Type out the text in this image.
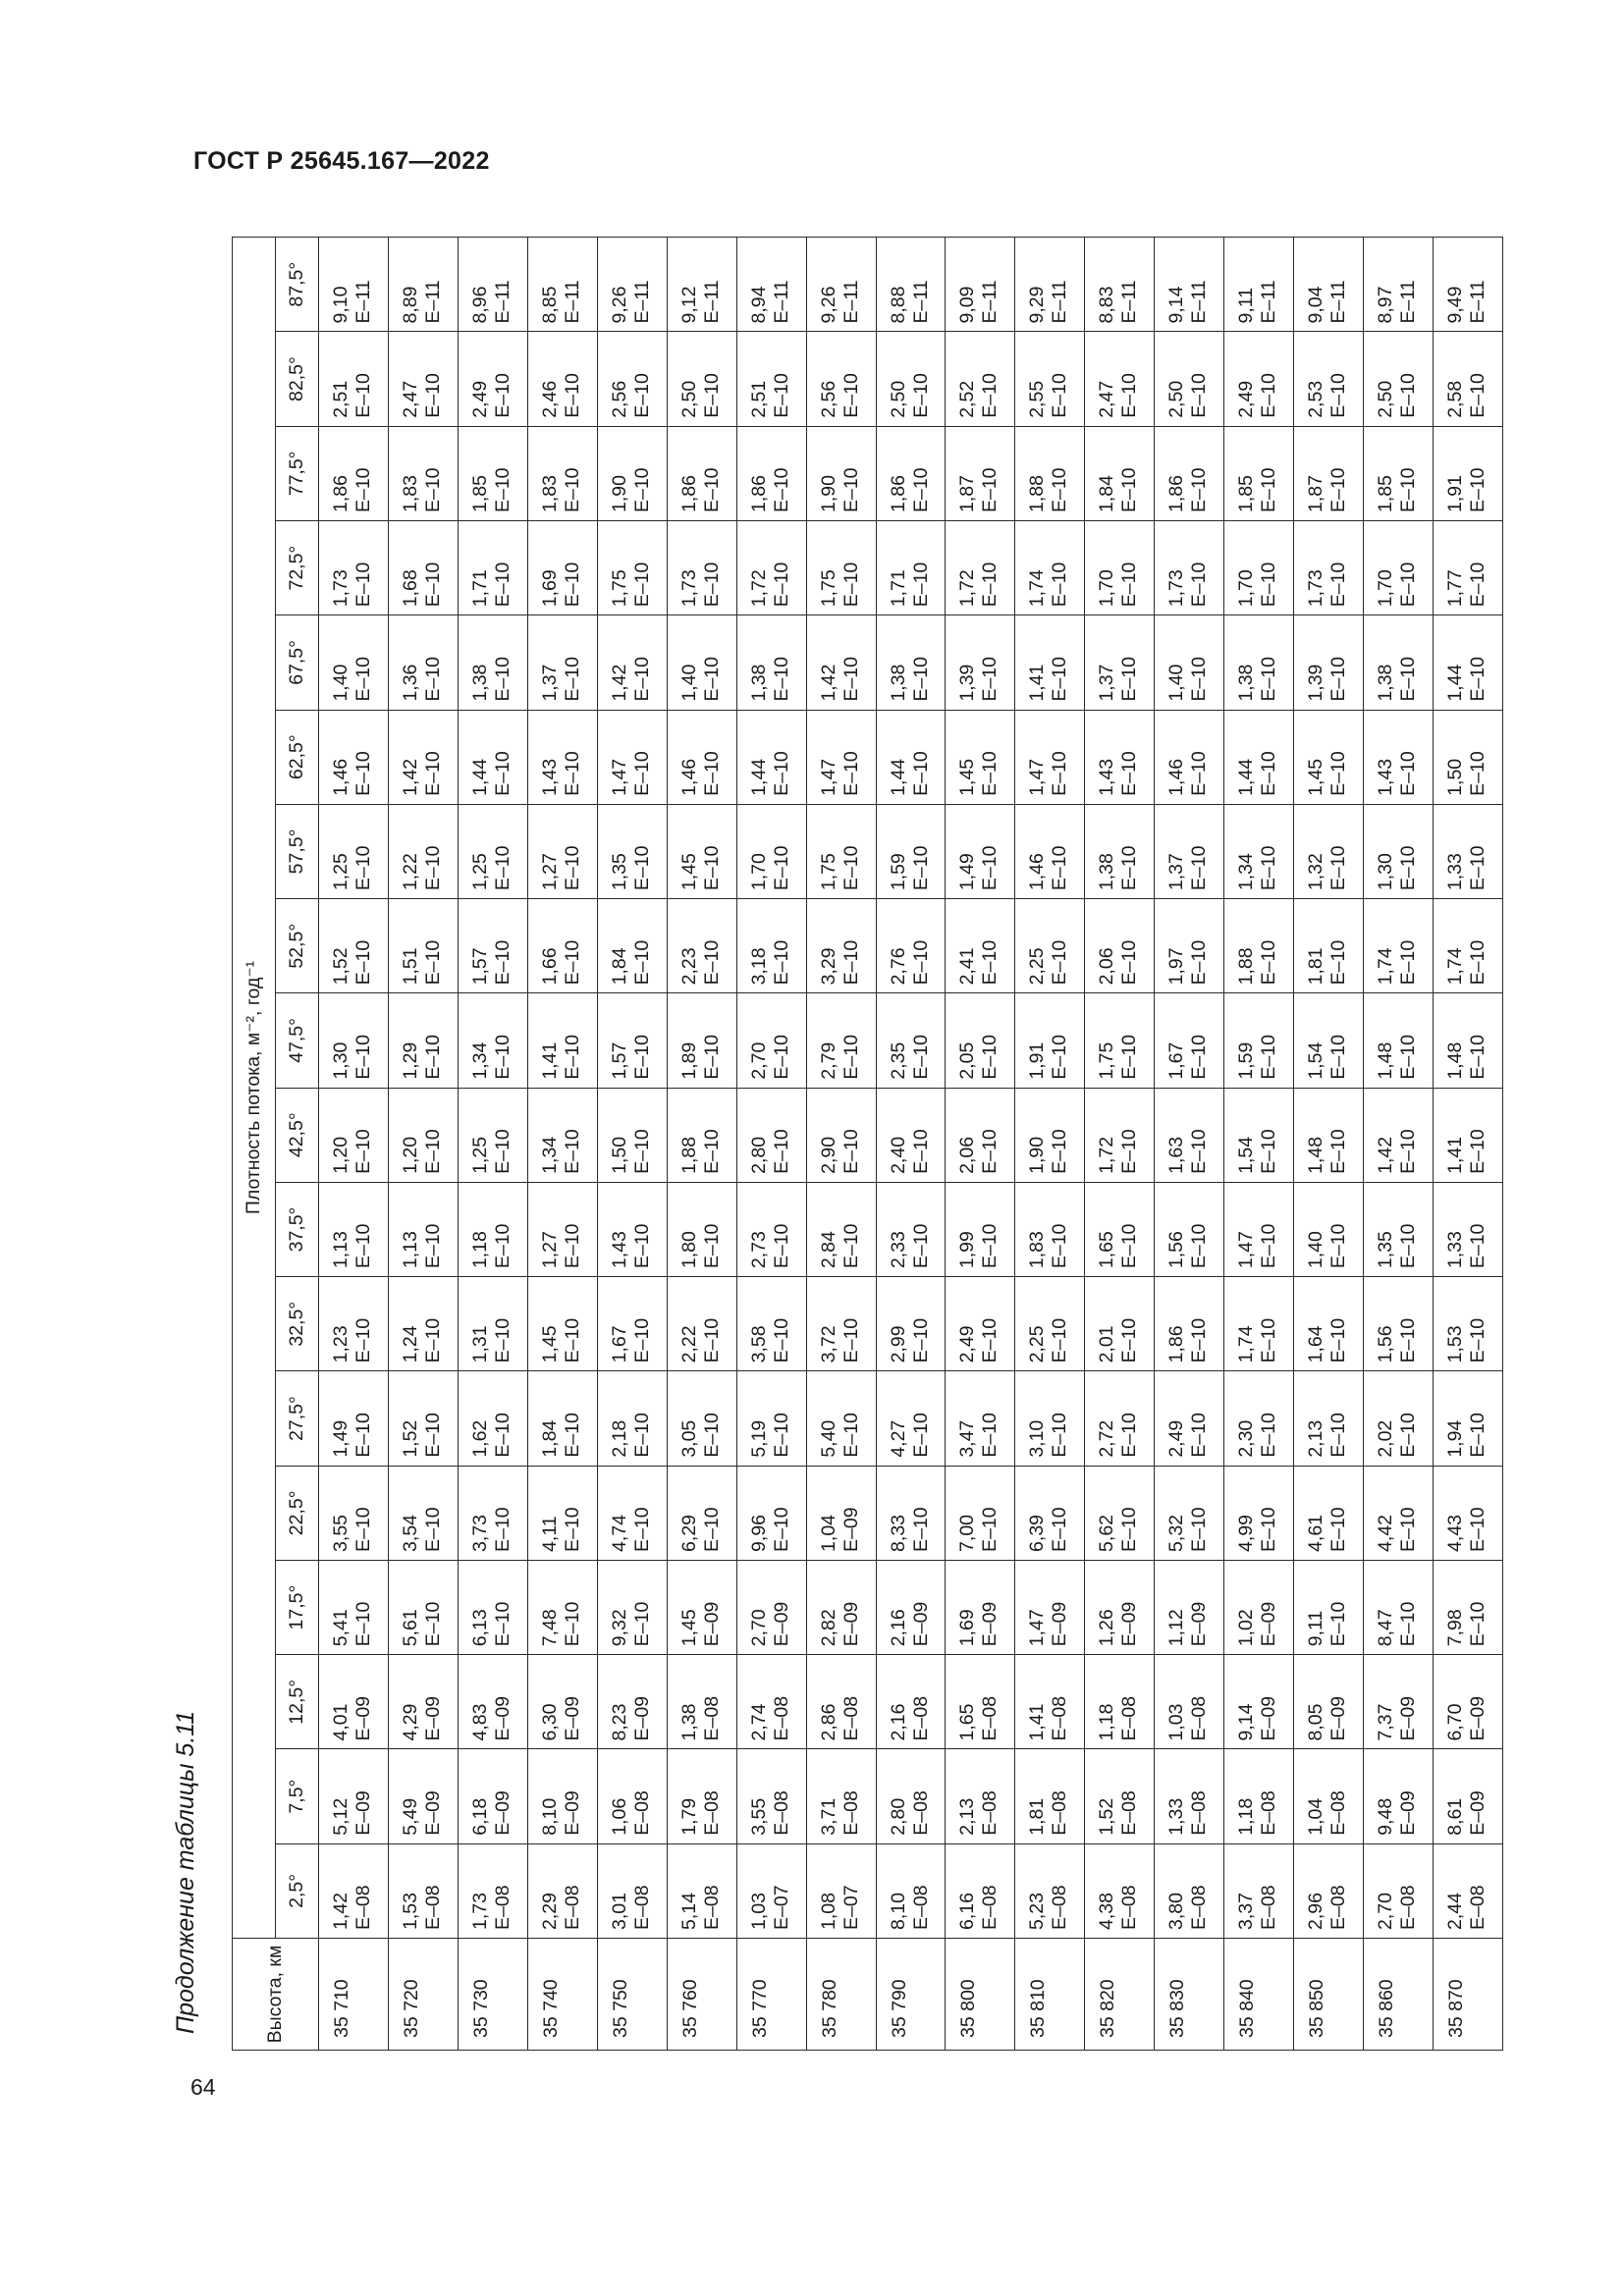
ГОСТ Р 25645.167—2022
64
Продолжение таблицы 5.11	Высота, км	Плотность потока, м⁻², год⁻¹																	
	2,5°	7,5°	12,5°	17,5°	22,5°	27,5°	32,5°	37,5°	42,5°	47,5°	52,5°	57,5°	62,5°	67,5°	72,5°	77,5°	82,5°	87,5°
35 710	1,42 E–08	5,12 E–09	4,01 E–09	5,41 E–10	3,55 E–10	1,49 E–10	1,23 E–10	1,13 E–10	1,20 E–10	1,30 E–10	1,52 E–10	1,25 E–10	1,46 E–10	1,40 E–10	1,73 E–10	1,86 E–10	2,51 E–10	9,10 E–11

35 720	1,53 E–08	5,49 E–09	4,29 E–09	5,61 E–10	3,54 E–10	1,52 E–10	1,24 E–10	1,13 E–10	1,20 E–10	1,29 E–10	1,51 E–10	1,22 E–10	1,42 E–10	1,36 E–10	1,68 E–10	1,83 E–10	2,47 E–10	8,89 E–11

35 730	1,73 E–08	6,18 E–09	4,83 E–09	6,13 E–10	3,73 E–10	1,62 E–10	1,31 E–10	1,18 E–10	1,25 E–10	1,34 E–10	1,57 E–10	1,25 E–10	1,44 E–10	1,38 E–10	1,71 E–10	1,85 E–10	2,49 E–10	8,96 E–11

35 740	2,29 E–08	8,10 E–09	6,30 E–09	7,48 E–10	4,11 E–10	1,84 E–10	1,45 E–10	1,27 E–10	1,34 E–10	1,41 E–10	1,66 E–10	1,27 E–10	1,43 E–10	1,37 E–10	1,69 E–10	1,83 E–10	2,46 E–10	8,85 E–11

35 750	3,01 E–08	1,06 E–08	8,23 E–09	9,32 E–10	4,74 E–10	2,18 E–10	1,67 E–10	1,43 E–10	1,50 E–10	1,57 E–10	1,84 E–10	1,35 E–10	1,47 E–10	1,42 E–10	1,75 E–10	1,90 E–10	2,56 E–10	9,26 E–11

35 760	5,14 E–08	1,79 E–08	1,38 E–08	1,45 E–09	6,29 E–10	3,05 E–10	2,22 E–10	1,80 E–10	1,88 E–10	1,89 E–10	2,23 E–10	1,45 E–10	1,46 E–10	1,40 E–10	1,73 E–10	1,86 E–10	2,50 E–10	9,12 E–11

35 770	1,03 E–07	3,55 E–08	2,74 E–08	2,70 E–09	9,96 E–10	5,19 E–10	3,58 E–10	2,73 E–10	2,80 E–10	2,70 E–10	3,18 E–10	1,70 E–10	1,44 E–10	1,38 E–10	1,72 E–10	1,86 E–10	2,51 E–10	8,94 E–11

35 780	1,08 E–07	3,71 E–08	2,86 E–08	2,82 E–09	1,04 E–09	5,40 E–10	3,72 E–10	2,84 E–10	2,90 E–10	2,79 E–10	3,29 E–10	1,75 E–10	1,47 E–10	1,42 E–10	1,75 E–10	1,90 E–10	2,56 E–10	9,26 E–11

35 790	8,10 E–08	2,80 E–08	2,16 E–08	2,16 E–09	8,33 E–10	4,27 E–10	2,99 E–10	2,33 E–10	2,40 E–10	2,35 E–10	2,76 E–10	1,59 E–10	1,44 E–10	1,38 E–10	1,71 E–10	1,86 E–10	2,50 E–10	8,88 E–11

35 800	6,16 E–08	2,13 E–08	1,65 E–08	1,69 E–09	7,00 E–10	3,47 E–10	2,49 E–10	1,99 E–10	2,06 E–10	2,05 E–10	2,41 E–10	1,49 E–10	1,45 E–10	1,39 E–10	1,72 E–10	1,87 E–10	2,52 E–10	9,09 E–11

35 810	5,23 E–08	1,81 E–08	1,41 E–08	1,47 E–09	6,39 E–10	3,10 E–10	2,25 E–10	1,83 E–10	1,90 E–10	1,91 E–10	2,25 E–10	1,46 E–10	1,47 E–10	1,41 E–10	1,74 E–10	1,88 E–10	2,55 E–10	9,29 E–11

35 820	4,38 E–08	1,52 E–08	1,18 E–08	1,26 E–09	5,62 E–10	2,72 E–10	2,01 E–10	1,65 E–10	1,72 E–10	1,75 E–10	2,06 E–10	1,38 E–10	1,43 E–10	1,37 E–10	1,70 E–10	1,84 E–10	2,47 E–10	8,83 E–11

35 830	3,80 E–08	1,33 E–08	1,03 E–08	1,12 E–09	5,32 E–10	2,49 E–10	1,86 E–10	1,56 E–10	1,63 E–10	1,67 E–10	1,97 E–10	1,37 E–10	1,46 E–10	1,40 E–10	1,73 E–10	1,86 E–10	2,50 E–10	9,14 E–11

35 840	3,37 E–08	1,18 E–08	9,14 E–09	1,02 E–09	4,99 E–10	2,30 E–10	1,74 E–10	1,47 E–10	1,54 E–10	1,59 E–10	1,88 E–10	1,34 E–10	1,44 E–10	1,38 E–10	1,70 E–10	1,85 E–10	2,49 E–10	9,11 E–11

35 850	2,96 E–08	1,04 E–08	8,05 E–09	9,11 E–10	4,61 E–10	2,13 E–10	1,64 E–10	1,40 E–10	1,48 E–10	1,54 E–10	1,81 E–10	1,32 E–10	1,45 E–10	1,39 E–10	1,73 E–10	1,87 E–10	2,53 E–10	9,04 E–11

35 860	2,70 E–08	9,48 E–09	7,37 E–09	8,47 E–10	4,42 E–10	2,02 E–10	1,56 E–10	1,35 E–10	1,42 E–10	1,48 E–10	1,74 E–10	1,30 E–10	1,43 E–10	1,38 E–10	1,70 E–10	1,85 E–10	2,50 E–10	8,97 E–11

35 870	2,44 E–08	8,61 E–09	6,70 E–09	7,98 E–10	4,43 E–10	1,94 E–10	1,53 E–10	1,33 E–10	1,41 E–10	1,48 E–10	1,74 E–10	1,33 E–10	1,50 E–10	1,44 E–10	1,77 E–10	1,91 E–10	2,58 E–10	9,49 E–11
